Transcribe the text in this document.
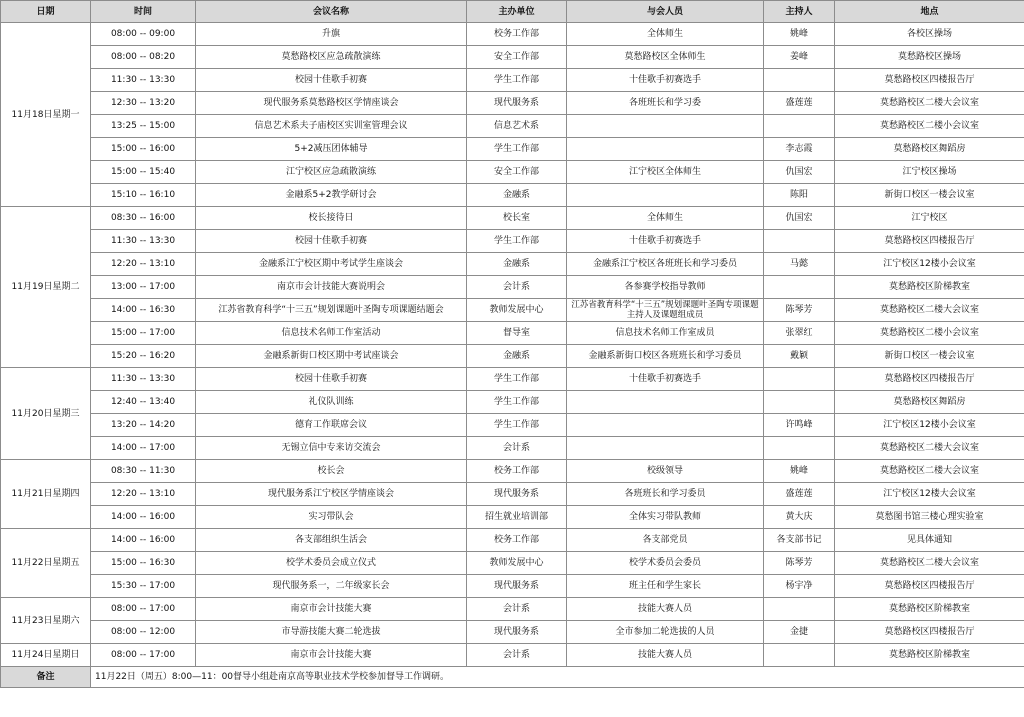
日期	时间	会议名称	主办单位	与会人员	主持人	地点
11月18日星期一	08:00 -- 09:00	升旗	校务工作部	全体师生	姚峰	各校区操场
	08:00 -- 08:20	莫愁路校区应急疏散演练	安全工作部	莫愁路校区全体师生	姜峰	莫愁路校区操场
	11:30 -- 13:30	校园十佳歌手初赛	学生工作部	十佳歌手初赛选手		莫愁路校区四楼报告厅
	12:30 -- 13:20	现代服务系莫愁路校区学情座谈会	现代服务系	各班班长和学习委	盛莲莲	莫愁路校区二楼大会议室
	13:25 -- 15:00	信息艺术系夫子庙校区实训室管理会议	信息艺术系			莫愁路校区二楼小会议室
	15:00 -- 16:00	5+2减压团体辅导	学生工作部		李志霞	莫愁路校区舞蹈房
	15:00 -- 15:40	江宁校区应急疏散演练	安全工作部	江宁校区全体师生	仇国宏	江宁校区操场
	15:10 -- 16:10	金融系5+2教学研讨会	金融系		陈阳	新街口校区一楼会议室
11月19日星期二	08:30 -- 16:00	校长接待日	校长室	全体师生	仇国宏	江宁校区
	11:30 -- 13:30	校园十佳歌手初赛	学生工作部	十佳歌手初赛选手		莫愁路校区四楼报告厅
	12:20 -- 13:10	金融系江宁校区期中考试学生座谈会	金融系	金融系江宁校区各班班长和学习委员	马懿	江宁校区12楼小会议室
	13:00 -- 17:00	南京市会计技能大赛说明会	会计系	各参赛学校指导教师		莫愁路校区阶梯教室
	14:00 -- 16:30	江苏省教育科学“十三五”规划课题叶圣陶专项课题结题会	教师发展中心	江苏省教育科学“十三五”规划课题叶圣陶专项课题主持人及课题组成员	陈琴芳	莫愁路校区二楼大会议室
	15:00 -- 17:00	信息技术名师工作室活动	督导室	信息技术名师工作室成员	张翠红	莫愁路校区二楼小会议室
	15:20 -- 16:20	金融系新街口校区期中考试座谈会	金融系	金融系新街口校区各班班长和学习委员	戴颖	新街口校区一楼会议室
11月20日星期三	11:30 -- 13:30	校园十佳歌手初赛	学生工作部	十佳歌手初赛选手		莫愁路校区四楼报告厅
	12:40 -- 13:40	礼仪队训练	学生工作部			莫愁路校区舞蹈房
	13:20 -- 14:20	德育工作联席会议	学生工作部		许鸣峰	江宁校区12楼小会议室
	14:00 -- 17:00	无锡立信中专来访交流会	会计系			莫愁路校区二楼大会议室
11月21日星期四	08:30 -- 11:30	校长会	校务工作部	校级领导	姚峰	莫愁路校区二楼大会议室
	12:20 -- 13:10	现代服务系江宁校区学情座谈会	现代服务系	各班班长和学习委员	盛莲莲	江宁校区12楼大会议室
	14:00 -- 16:00	实习带队会	招生就业培训部	全体实习带队教师	黄大庆	莫愁图书馆三楼心理实验室
11月22日星期五	14:00 -- 16:00	各支部组织生活会	校务工作部	各支部党员	各支部书记	见具体通知
	15:00 -- 16:30	校学术委员会成立仪式	教师发展中心	校学术委员会委员	陈琴芳	莫愁路校区二楼大会议室
	15:30 -- 17:00	现代服务系一，二年级家长会	现代服务系	班主任和学生家长	杨宇净	莫愁路校区四楼报告厅
11月23日星期六	08:00 -- 17:00	南京市会计技能大赛	会计系	技能大赛人员		莫愁路校区阶梯教室
	08:00 -- 12:00	市导游技能大赛二轮选拔	现代服务系	全市参加二轮选拔的人员	金捷	莫愁路校区四楼报告厅
11月24日星期日	08:00 -- 17:00	南京市会计技能大赛	会计系	技能大赛人员		莫愁路校区阶梯教室
备注	11月22日（周五）8:00—11：00督导小组赴南京高等职业技术学校参加督导工作调研。					
